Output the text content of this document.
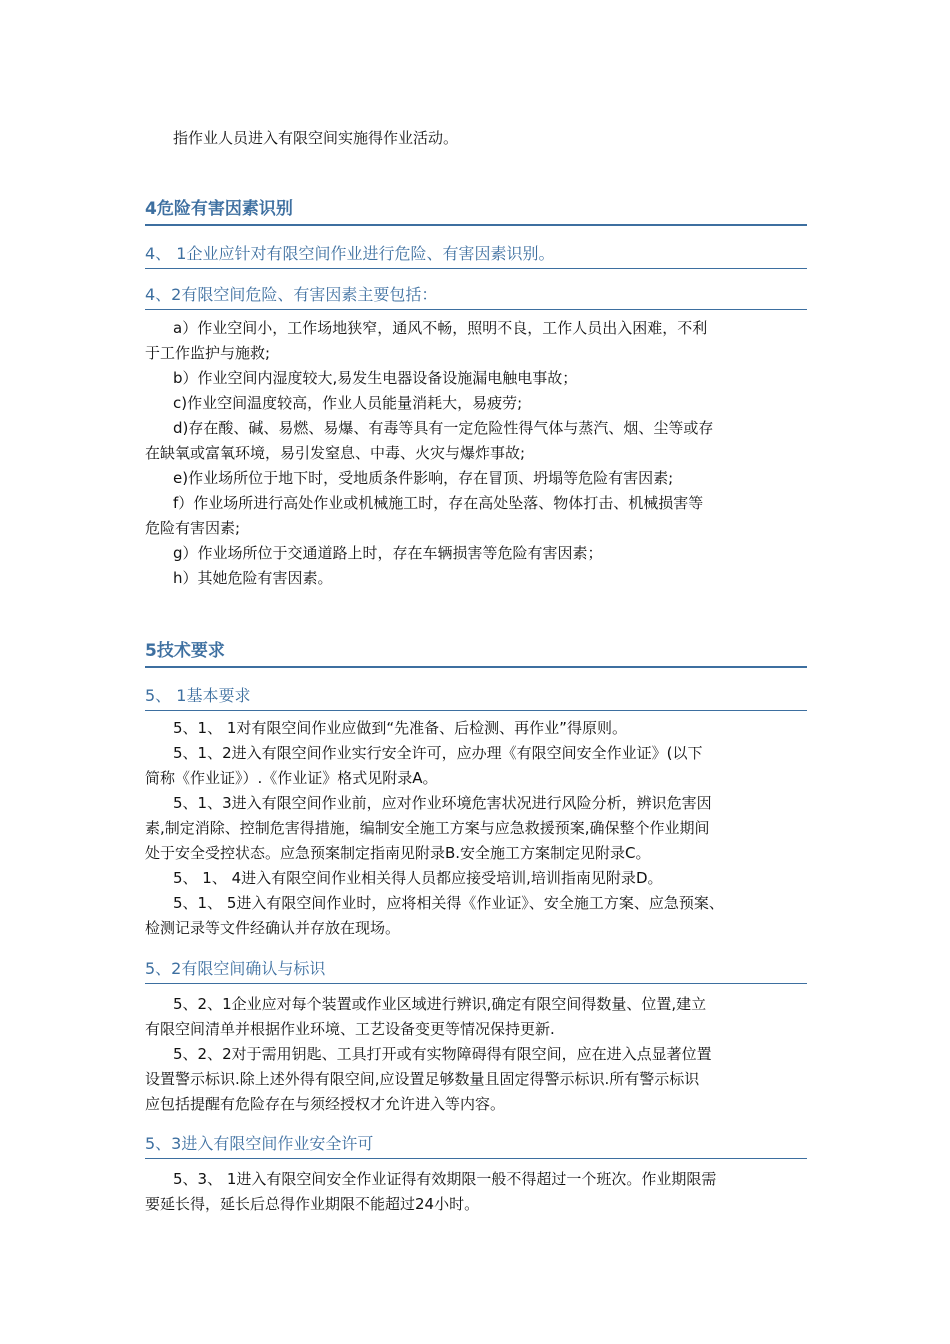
指作业人员进入有限空间实施得作业活动。
4危险有害因素识别
4、 1企业应针对有限空间作业进行危险、有害因素识别。
4、2有限空间危险、有害因素主要包括：
a）作业空间小，工作场地狭窄，通风不畅，照明不良，工作人员出入困难，不利
于工作监护与施救;
b）作业空间内湿度较大,易发生电器设备设施漏电触电事故；
c)作业空间温度较高，作业人员能量消耗大，易疲劳;
d)存在酸、碱、易燃、易爆、有毒等具有一定危险性得气体与蒸汽、烟、尘等或存
在缺氧或富氧环境，易引发窒息、中毒、火灾与爆炸事故;
e)作业场所位于地下时，受地质条件影响，存在冒顶、坍塌等危险有害因素;
f）作业场所进行高处作业或机械施工时，存在高处坠落、物体打击、机械损害等
危险有害因素;
g）作业场所位于交通道路上时，存在车辆损害等危险有害因素；
h）其她危险有害因素。
5技术要求
5、 1基本要求
5、1、 1对有限空间作业应做到“先准备、后检测、再作业”得原则。
5、1、2进入有限空间作业实行安全许可，应办理《有限空间安全作业证》(以下
简称《作业证》）.《作业证》格式见附录A。
5、1、3进入有限空间作业前，应对作业环境危害状况进行风险分析，辨识危害因
素,制定消除、控制危害得措施，编制安全施工方案与应急救援预案,确保整个作业期间
处于安全受控状态。应急预案制定指南见附录B.安全施工方案制定见附录C。
5、 1、 4进入有限空间作业相关得人员都应接受培训,培训指南见附录D。
5、1、 5进入有限空间作业时，应将相关得《作业证》、安全施工方案、应急预案、
检测记录等文件经确认并存放在现场。
5、2有限空间确认与标识
5、2、1企业应对每个装置或作业区域进行辨识,确定有限空间得数量、位置,建立
有限空间清单并根据作业环境、工艺设备变更等情况保持更新.
5、2、2对于需用钥匙、工具打开或有实物障碍得有限空间，应在进入点显著位置
设置警示标识.除上述外得有限空间,应设置足够数量且固定得警示标识.所有警示标识
应包括提醒有危险存在与须经授权才允许进入等内容。
5、3进入有限空间作业安全许可
5、3、 1进入有限空间安全作业证得有效期限一般不得超过一个班次。作业期限需
要延长得，延长后总得作业期限不能超过24小时。
